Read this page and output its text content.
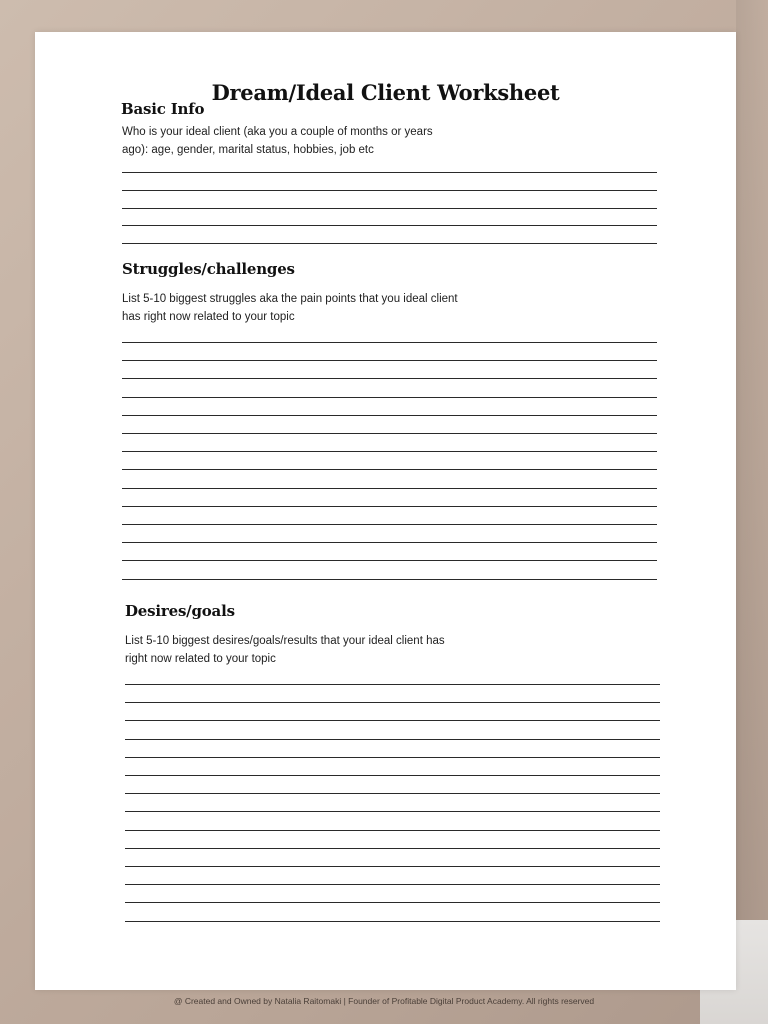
Dream/Ideal Client Worksheet
Basic Info
Who is your ideal client (aka you a couple of months or years ago): age, gender, marital status, hobbies, job etc
Struggles/challenges
List 5-10 biggest struggles aka the pain points that you ideal client has right now related to your topic
Desires/goals
List 5-10 biggest desires/goals/results that your ideal client has right now related to your topic
@ Created and Owned by Natalia Raitomaki | Founder of Profitable Digital Product Academy. All rights reserved
